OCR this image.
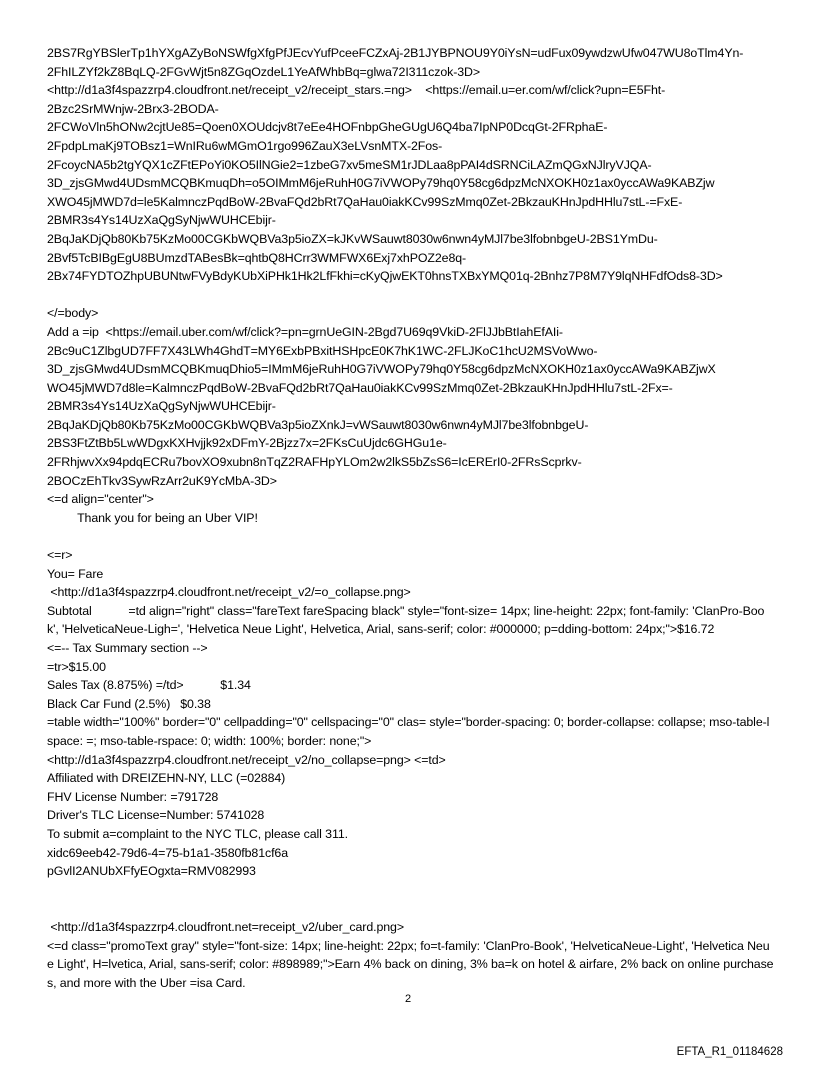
2BS7RgYBSlerTp1hYXgAZyBoNSWfgXfgPfJEcvYufPceeFCZxAj-2B1JYBPNOU9Y0iYsN=udFux09ywdzwUfw047WU8oTlm4Yn-
2FhILZYf2kZ8BqLQ-2FGvWjt5n8ZGqOzdeL1YeAfWhbBq=glwa72I311czok-3D>
<http://d1a3f4spazzrp4.cloudfront.net/receipt_v2/receipt_stars.=ng>    <https://email.u=er.com/wf/click?upn=E5Fht-
2Bzc2SrMWnjw-2Brx3-2BODA-
2FCWoVln5hONw2cjtUe85=Qoen0XOUdcjv8t7eEe4HOFnbpGheGUgU6Q4ba7IpNP0DcqGt-2FRphaE-
2FpdpLmaKj9TOBsz1=WnIRu6wMGmO1rgo996ZauX3eLVsnMTX-2Fos-
2FcoycNA5b2tgYQX1cZFtEPoYi0KO5IlNGie2=1zbeG7xv5meSM1rJDLaa8pPAI4dSRNCiLAZmQGxNJlryVJQA-
3D_zjsGMwd4UDsmMCQBKmuqDh=o5OIMmM6jeRuhH0G7iVWOPy79hq0Y58cg6dpzMcNXOKH0z1ax0yccAWa9KABZjw
XWO45jMWD7d=le5KalmnczPqdBoW-2BvaFQd2bRt7QaHau0iakKCv99SzMmq0Zet-2BkzauKHnJpdHHlu7stL-=FxE-
2BMR3s4Ys14UzXaQgSyNjwWUHCEbijr-
2BqJaKDjQb80Kb75KzMo00CGKbWQBVa3p5ioZX=kJKvWSauwt8030w6nwn4yMJl7be3lfobnbgeU-2BS1YmDu-
2Bvf5TcBIBgEgU8BUmzdTABesBk=qhtbQ8HCrr3WMFWX6Exj7xhPOZ2e8q-
2Bx74FYDTOZhpUBUNtwFVyBdyKUbXiPHk1Hk2LfFkhi=cKyQjwEKT0hnsTXBxYMQ01q-2Bnhz7P8M7Y9lqNHFdfOds8-3D>
</=body>
Add a =ip  <https://email.uber.com/wf/click?=pn=grnUeGIN-2Bgd7U69q9VkiD-2FlJJbBtIahEfAIi-
2Bc9uC1ZlbgUD7FF7X43LWh4GhdT=MY6ExbPBxitHSHpcE0K7hK1WC-2FLJKoC1hcU2MSVoWwo-
3D_zjsGMwd4UDsmMCQBKmuqDhio5=IMmM6jeRuhH0G7iVWOPy79hq0Y58cg6dpzMcNXOKH0z1ax0yccAWa9KABZjwX
WO45jMWD7d8le=KalmnczPqdBoW-2BvaFQd2bRt7QaHau0iakKCv99SzMmq0Zet-2BkzauKHnJpdHHlu7stL-2Fx=-
2BMR3s4Ys14UzXaQgSyNjwWUHCEbijr-
2BqJaKDjQb80Kb75KzMo00CGKbWQBVa3p5ioZXnkJ=vWSauwt8030w6nwn4yMJl7be3lfobnbgeU-
2BS3FtZtBb5LwWDgxKXHvjjk92xDFmY-2Bjzz7x=2FKsCuUjdc6GHGu1e-
2FRhjwvXx94pdqECRu7bovXO9xubn8nTqZ2RAFHpYLOm2w2lkS5bZsS6=IcERErI0-2FRsScprkv-
2BOCzEhTkv3SywRzArr2uK9YcMbA-3D>
<=d align="center">
Thank you for being an Uber VIP!
<=r>
You= Fare
<http://d1a3f4spazzrp4.cloudfront.net/receipt_v2/=o_collapse.png>
Subtotal           =td align="right" class="fareText fareSpacing black" style="font-size= 14px; line-height: 22px; font-family: 'ClanPro-Book', 'HelveticaNeue-Ligh=', 'Helvetica Neue Light', Helvetica, Arial, sans-serif; color: #000000; p=dding-bottom: 24px;">$16.72
<=-- Tax Summary section -->
=tr>$15.00
Sales Tax (8.875%) =/td>           $1.34
Black Car Fund (2.5%)   $0.38
=table width="100%" border="0" cellpadding="0" cellspacing="0" clas= style="border-spacing: 0; border-collapse: collapse; mso-table-lspace: =; mso-table-rspace: 0; width: 100%; border: none;">
<http://d1a3f4spazzrp4.cloudfront.net/receipt_v2/no_collapse=png> <=td>
Affiliated with DREIZEHN-NY, LLC (=02884)
FHV License Number: =791728
Driver's TLC License=Number: 5741028
To submit a=complaint to the NYC TLC, please call 311.
xidc69eeb42-79d6-4=75-b1a1-3580fb81cf6a
pGvlI2ANUbXFfyEOgxta=RMV082993
<http://d1a3f4spazzrp4.cloudfront.net=receipt_v2/uber_card.png>
<=d class="promoText gray" style="font-size: 14px; line-height: 22px; fo=t-family: 'ClanPro-Book', 'HelveticaNeue-Light', 'Helvetica Neue Light', H=lvetica, Arial, sans-serif; color: #898989;">Earn 4% back on dining, 3% ba=k on hotel & airfare, 2% back on online purchases, and more with the Uber =isa Card.
2
EFTA_R1_01184628
